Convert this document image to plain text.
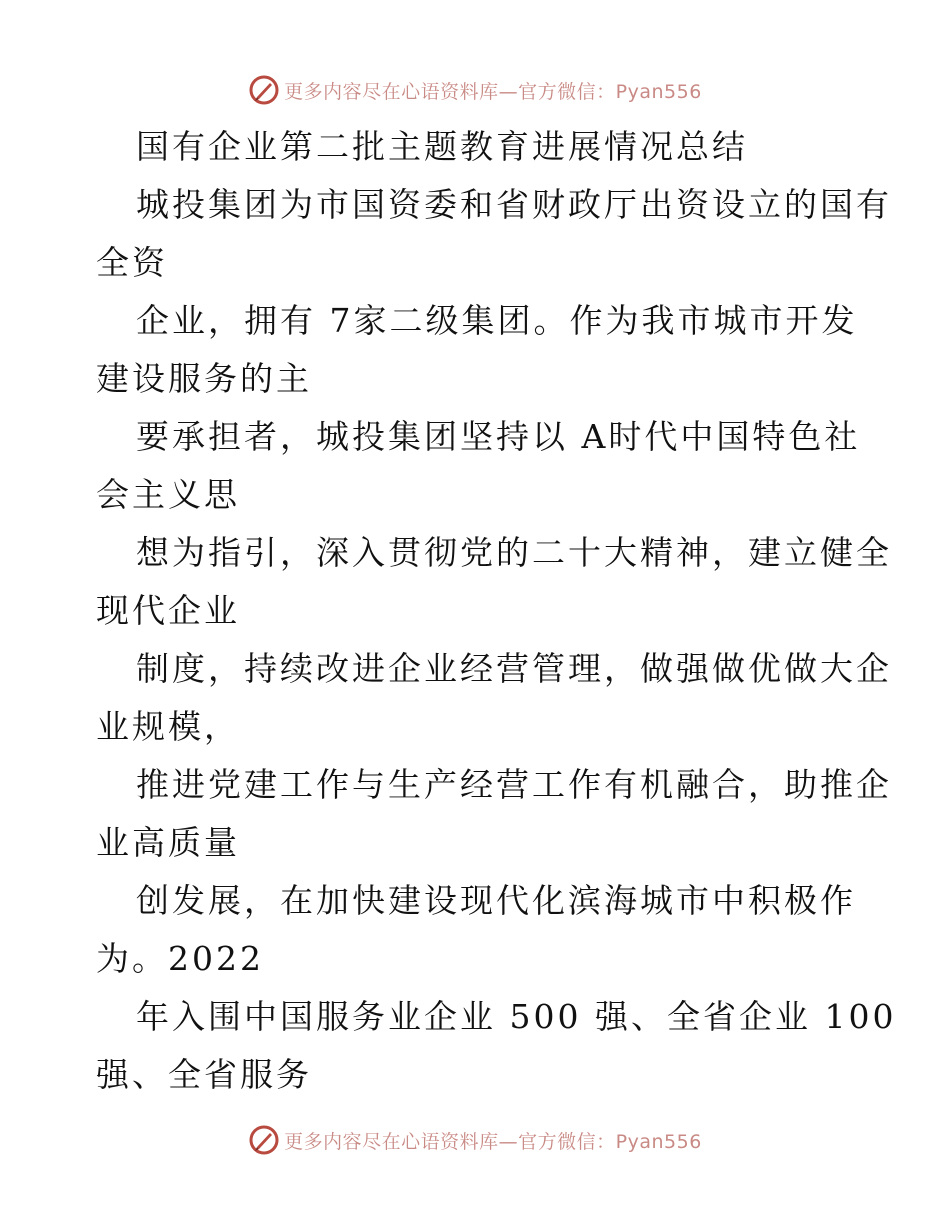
更多内容尽在心语资料库—官方微信：Pyan556
国有企业第二批主题教育进展情况总结
城投集团为市国资委和省财政厅出资设立的国有
全资
企业，拥有 7家二级集团。作为我市城市开发
建设服务的主
要承担者，城投集团坚持以 A时代中国特色社
会主义思
想为指引，深入贯彻党的二十大精神，建立健全
现代企业
制度，持续改进企业经营管理，做强做优做大企
业规模，
推进党建工作与生产经营工作有机融合，助推企
业高质量
创发展，在加快建设现代化滨海城市中积极作
为。2022
年入围中国服务业企业 500 强、全省企业 100
强、全省服务
更多内容尽在心语资料库—官方微信：Pyan556
